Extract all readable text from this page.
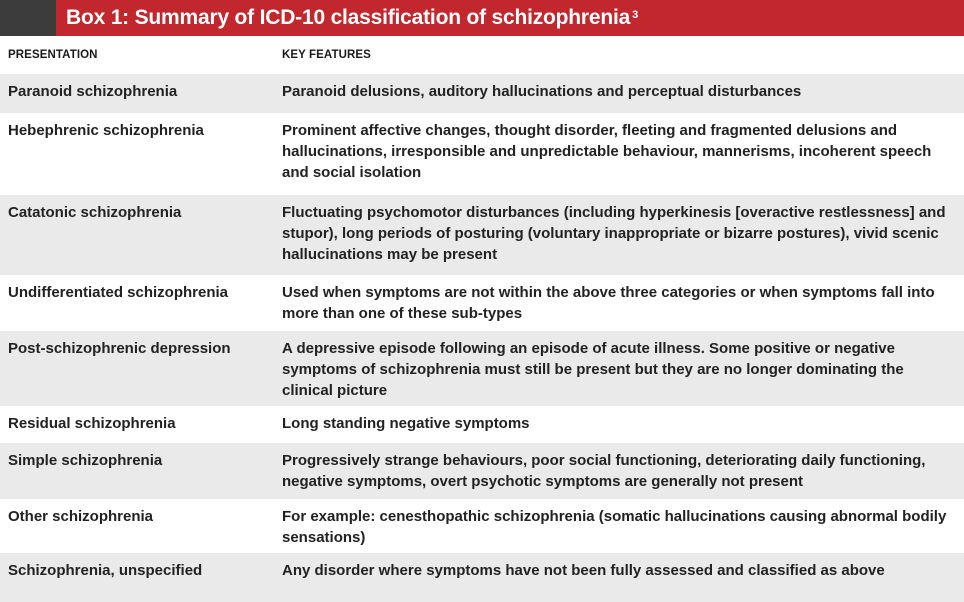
Box 1: Summary of ICD-10 classification of schizophrenia$^3$
PRESENTATION	KEY FEATURES
Paranoid schizophrenia	Paranoid delusions, auditory hallucinations and perceptual disturbances
Hebephrenic schizophrenia	Prominent affective changes, thought disorder, fleeting and fragmented delusions and hallucinations, irresponsible and unpredictable behaviour, mannerisms, incoherent speech and social isolation
Catatonic schizophrenia	Fluctuating psychomotor disturbances (including hyperkinesis [overactive restlessness] and stupor), long periods of posturing (voluntary inappropriate or bizarre postures), vivid scenic hallucinations may be present
Undifferentiated schizophrenia	Used when symptoms are not within the above three categories or when symptoms fall into more than one of these sub-types
Post-schizophrenic depression	A depressive episode following an episode of acute illness. Some positive or negative symptoms of schizophrenia must still be present but they are no longer dominating the clinical picture
Residual schizophrenia	Long standing negative symptoms
Simple schizophrenia	Progressively strange behaviours, poor social functioning, deteriorating daily functioning, negative symptoms, overt psychotic symptoms are generally not present
Other schizophrenia	For example: cenesthopathic schizophrenia (somatic hallucinations causing abnormal bodily sensations)
Schizophrenia, unspecified	Any disorder where symptoms have not been fully assessed and classified as above
